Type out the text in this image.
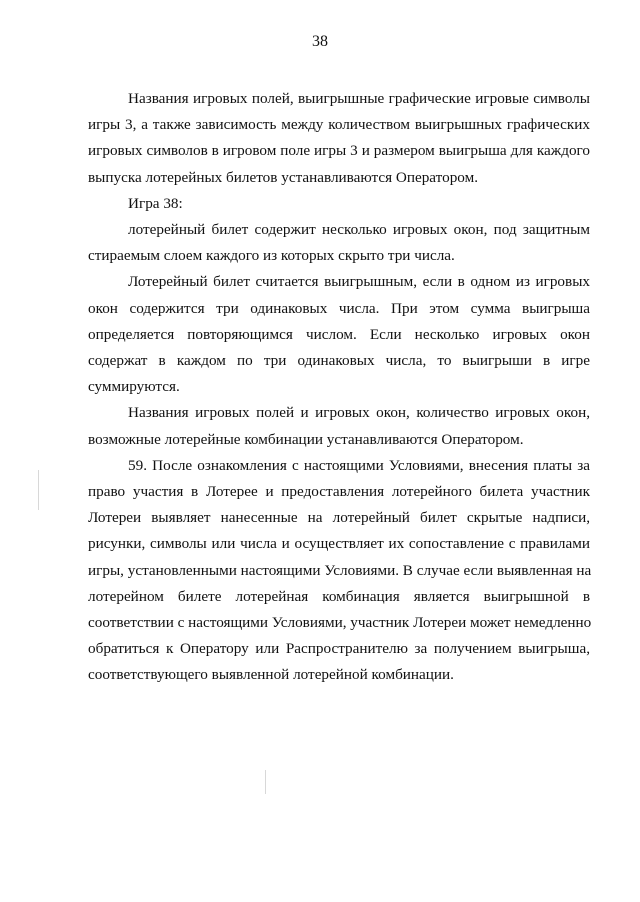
38
Названия игровых полей, выигрышные графические игровые символы
игры 3, а также зависимость между количеством выигрышных графических
игровых символов в игровом поле игры 3 и размером выигрыша для каждого
выпуска лотерейных билетов устанавливаются Оператором.
Игра 38:
лотерейный билет содержит несколько игровых окон, под защитным
стираемым слоем каждого из которых скрыто три числа.
Лотерейный билет считается выигрышным, если в одном из игровых
окон содержится три одинаковых числа. При этом сумма выигрыша
определяется повторяющимся числом. Если несколько игровых окон
содержат в каждом по три одинаковых числа, то выигрыши в игре
суммируются.
Названия игровых полей и игровых окон, количество игровых окон,
возможные лотерейные комбинации устанавливаются Оператором.
59. После ознакомления с настоящими Условиями, внесения платы за
право участия в Лотерее и предоставления лотерейного билета участник
Лотереи выявляет нанесенные на лотерейный билет скрытые надписи,
рисунки, символы или числа и осуществляет их сопоставление с правилами
игры, установленными настоящими Условиями. В случае если выявленная на
лотерейном билете лотерейная комбинация является выигрышной в
соответствии с настоящими Условиями, участник Лотереи может немедленно
обратиться к Оператору или Распространителю за получением выигрыша,
соответствующего выявленной лотерейной комбинации.
